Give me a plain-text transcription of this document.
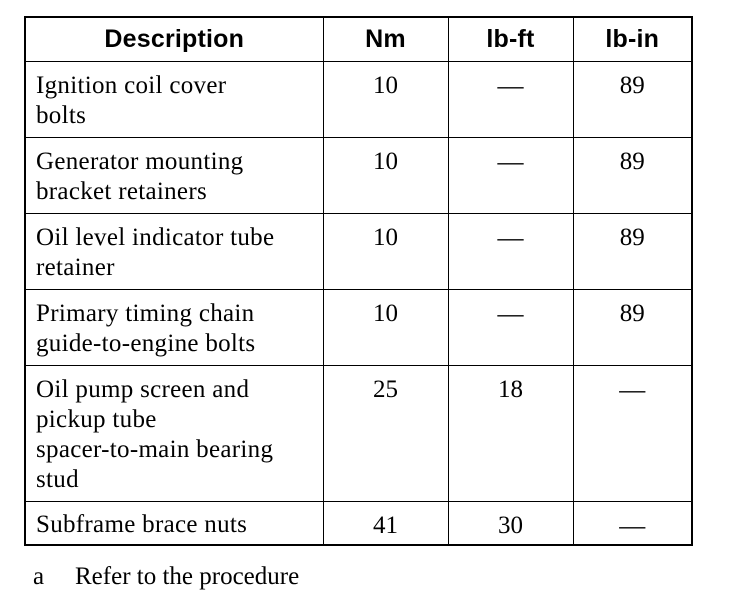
Description	Nm	lb-ft	lb-in

Ignition coil cover
bolts	10	—	89

Generator mounting
bracket retainers	10	—	89

Oil level indicator tube
retainer	10	—	89

Primary timing chain
guide-to-engine bolts	10	—	89

Oil pump screen and
pickup tube
spacer-to-main bearing
stud	25	18	—

Subframe brace nuts	41	30	—
a Refer to the procedure
